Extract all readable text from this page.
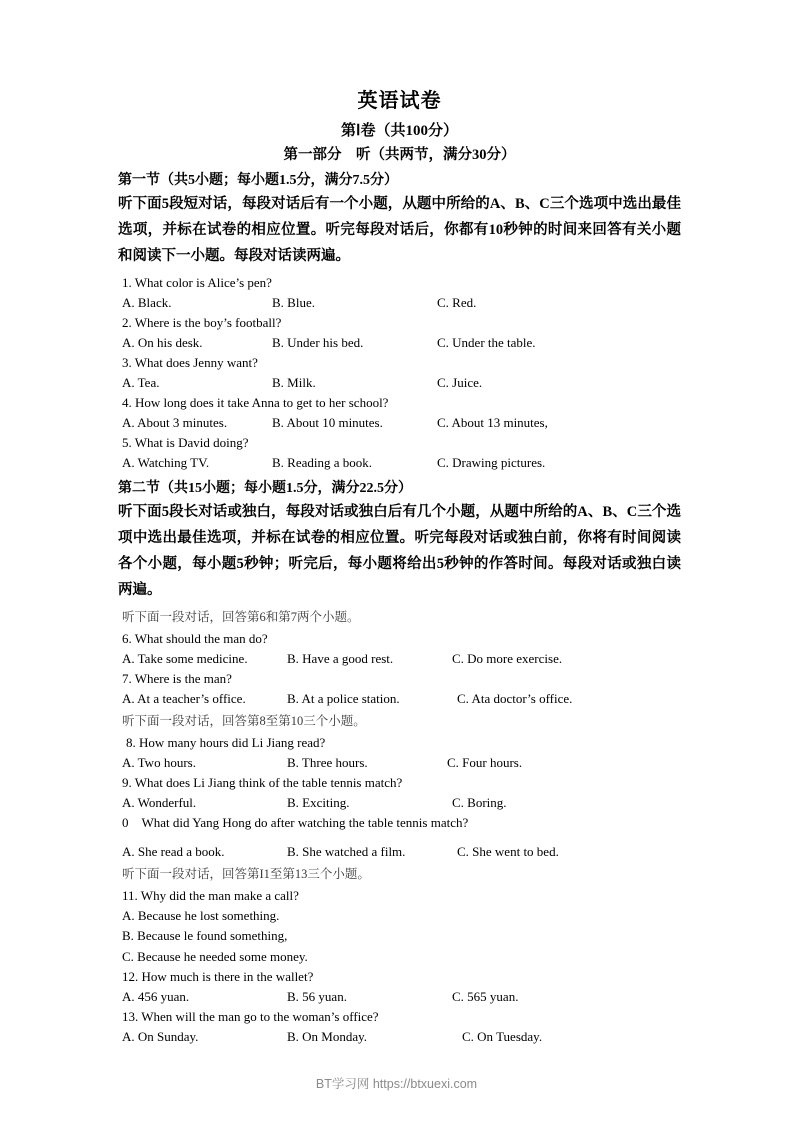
英语试卷
第Ⅰ卷（共100分）
第一部分　听（共两节，满分30分）
第一节（共5小题；每小题1.5分，满分7.5分）
听下面5段短对话，每段对话后有一个小题，从题中所给的A、B、C三个选项中选出最佳选项，并标在试卷的相应位置。听完每段对话后，你都有10秒钟的时间来回答有关小题和阅读下一小题。每段对话读两遍。
1. What color is Alice’s pen?
A. Black.	B. Blue.	C. Red.
2. Where is the boy’s football?
A. On his desk.	B. Under his bed.	C. Under the table.
3. What does Jenny want?
A. Tea.	B. Milk.	C. Juice.
4. How long does it take Anna to get to her school?
A. About 3 minutes.	B. About 10 minutes.	C. About 13 minutes,
5. What is David doing?
A. Watching TV.	B. Reading a book.	C. Drawing pictures.
第二节（共15小题；每小题1.5分，满分22.5分）
听下面5段长对话或独白，每段对话或独白后有几个小题，从题中所给的A、B、C三个选项中选出最佳选项，并标在试卷的相应位置。听完每段对话或独白前，你将有时间阅读各个小题，每小题5秒钟；听完后，每小题将给出5秒钟的作答时间。每段对话或独白读两遍。
听下面一段对话，回答第6和第7两个小题。
6. What should the man do?
A. Take some medicine.	B. Have a good rest.	C. Do more exercise.
7. Where is the man?
A. At a teacher’s office.	B. At a police station.	C. Ata doctor’s office.
听下面一段对话，回答第8至第10三个小题。
8. How many hours did Li Jiang read?
A. Two hours.	B. Three hours.	C. Four hours.
9. What does Li Jiang think of the table tennis match?
A. Wonderful.	B. Exciting.	C. Boring.
0　 What did Yang Hong do after watching the table tennis match?
A. She read a book.	B. She watched a film.	C. She went to bed.
听下面一段对话，回答第I1至第13三个小题。
11. Why did the man make a call?
A. Because he lost something.
B. Because le found something,
C. Because he needed some money.
12. How much is there in the wallet?
A. 456 yuan.	B. 56 yuan.	C. 565 yuan.
13. When will the man go to the woman’s office?
A. On Sunday.	B. On Monday.	C. On Tuesday.
BT学习网 https://btxuexi.com
